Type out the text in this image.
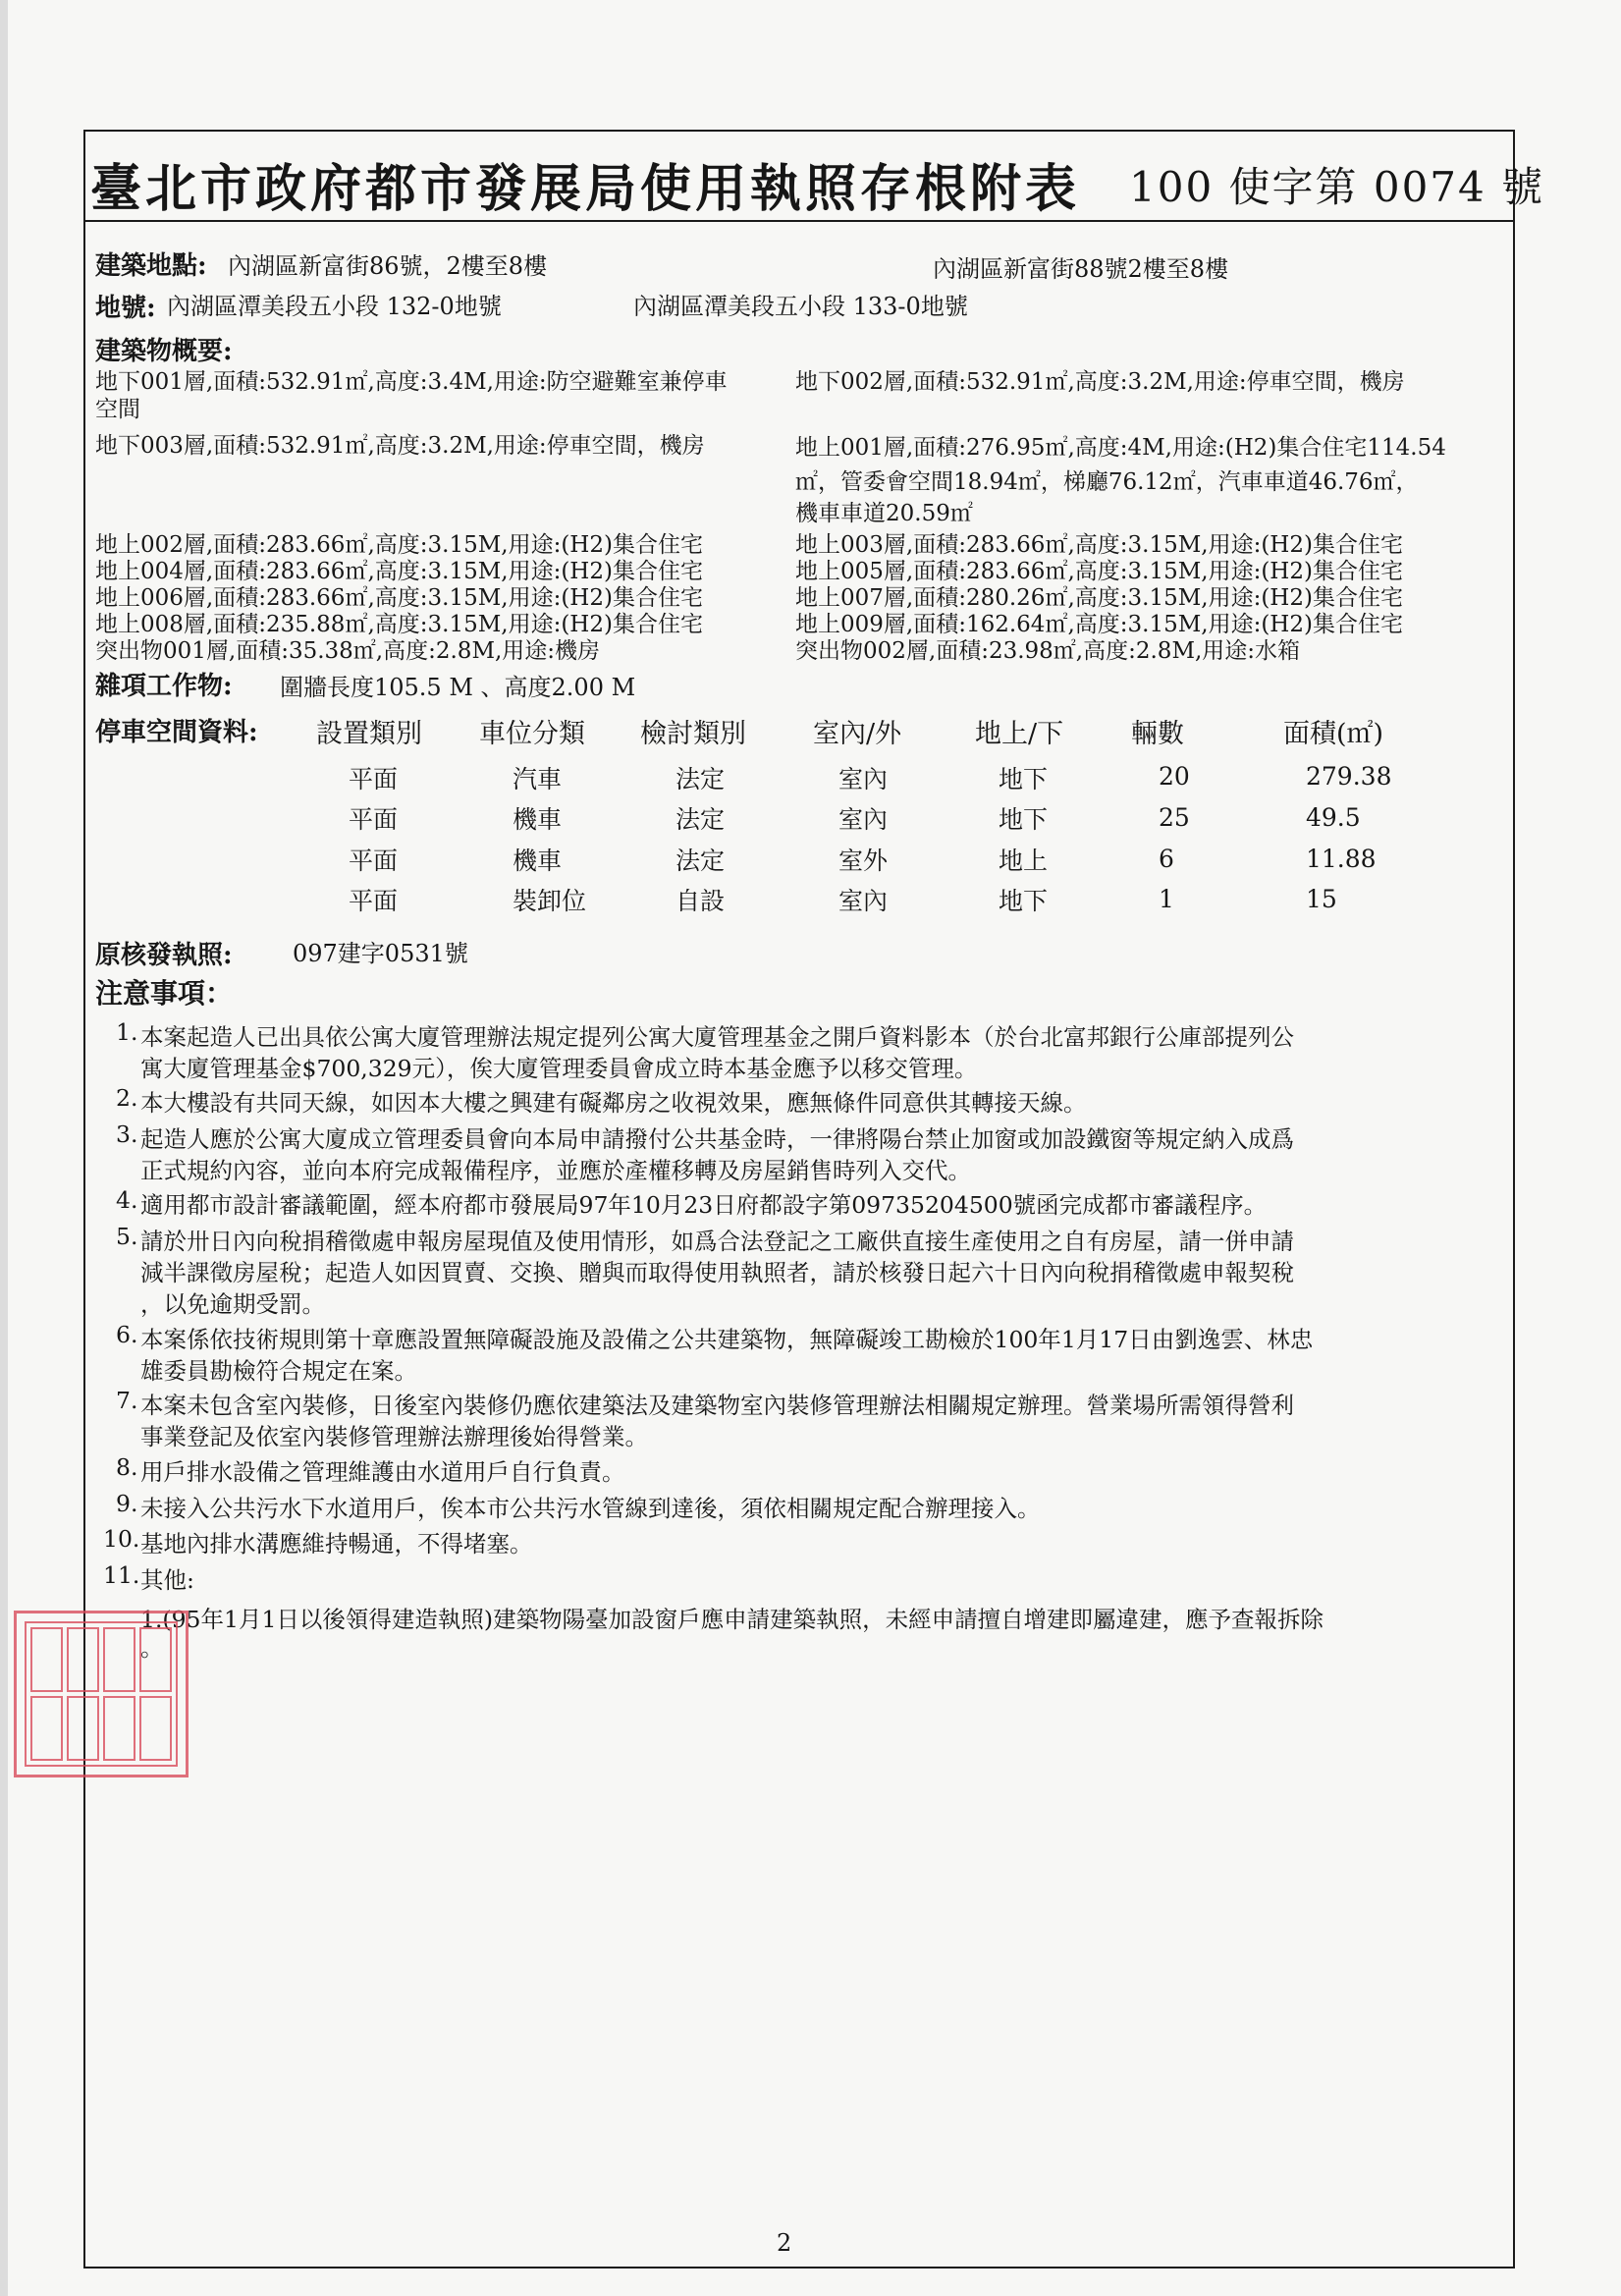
臺北市政府都市發展局使用執照存根附表 100 使字第 0074 號
建築地點: 內湖區新富街86號，2樓至8樓	內湖區新富街88號2樓至8樓
地號: 內湖區潭美段五小段 132-0地號	內湖區潭美段五小段 133-0地號
建築物概要:
地下001層,面積:532.91㎡,高度:3.4M,用途:防空避難室兼停車
空間
地下002層,面積:532.91㎡,高度:3.2M,用途:停車空間，機房
地下003層,面積:532.91㎡,高度:3.2M,用途:停車空間，機房	地上001層,面積:276.95㎡,高度:4M,用途:(H2)集合住宅114.54
㎡，管委會空間18.94㎡，梯廳76.12㎡，汽車車道46.76㎡，
機車車道20.59㎡
地上002層,面積:283.66㎡,高度:3.15M,用途:(H2)集合住宅	地上003層,面積:283.66㎡,高度:3.15M,用途:(H2)集合住宅
地上004層,面積:283.66㎡,高度:3.15M,用途:(H2)集合住宅	地上005層,面積:283.66㎡,高度:3.15M,用途:(H2)集合住宅
地上006層,面積:283.66㎡,高度:3.15M,用途:(H2)集合住宅	地上007層,面積:280.26㎡,高度:3.15M,用途:(H2)集合住宅
地上008層,面積:235.88㎡,高度:3.15M,用途:(H2)集合住宅	地上009層,面積:162.64㎡,高度:3.15M,用途:(H2)集合住宅
突出物001層,面積:35.38㎡,高度:2.8M,用途:機房	突出物002層,面積:23.98㎡,高度:2.8M,用途:水箱
雜項工作物: 圍牆長度105.5 M 、高度2.00 M
停車空間資料: 設置類別 車位分類 檢討類別	室內/外	地上/下	輛數	面積(㎡)
平面	汽車	法定	室內	地下	20	279.38
平面	機車	法定	室內	地下	25	49.5
平面	機車	法定	室外	地上	6	11.88
平面	裝卸位	自設	室內	地下	1	15
原核發執照:	097建字0531號
注意事項：
1. 本案起造人已出具依公寓大廈管理辦法規定提列公寓大廈管理基金之開戶資料影本（於台北富邦銀行公庫部提列公
寓大廈管理基金$700,329元），俟大廈管理委員會成立時本基金應予以移交管理。
2. 本大樓設有共同天線，如因本大樓之興建有礙鄰房之收視效果，應無條件同意供其轉接天線。
3. 起造人應於公寓大廈成立管理委員會向本局申請撥付公共基金時，一律將陽台禁止加窗或加設鐵窗等規定納入成爲
正式規約內容，並向本府完成報備程序，並應於產權移轉及房屋銷售時列入交代。
4. 適用都市設計審議範圍，經本府都市發展局97年10月23日府都設字第09735204500號函完成都市審議程序。
5. 請於卅日內向稅捐稽徵處申報房屋現值及使用情形，如爲合法登記之工廠供直接生產使用之自有房屋，請一併申請
減半課徵房屋稅；起造人如因買賣、交換、贈與而取得使用執照者，請於核發日起六十日內向稅捐稽徵處申報契稅
，以免逾期受罰。
6. 本案係依技術規則第十章應設置無障礙設施及設備之公共建築物，無障礙竣工勘檢於100年1月17日由劉逸雲、林忠
雄委員勘檢符合規定在案。
7. 本案未包含室內裝修，日後室內裝修仍應依建築法及建築物室內裝修管理辦法相關規定辦理。營業場所需領得營利
事業登記及依室內裝修管理辦法辦理後始得營業。
8. 用戶排水設備之管理維護由水道用戶自行負責。
9. 未接入公共污水下水道用戶，俟本市公共污水管線到達後，須依相關規定配合辦理接入。
10. 基地內排水溝應維持暢通，不得堵塞。
11. 其他:
1.(95年1月1日以後領得建造執照)建築物陽臺加設窗戶應申請建築執照，未經申請擅自增建即屬違建，應予查報拆除
。
2
